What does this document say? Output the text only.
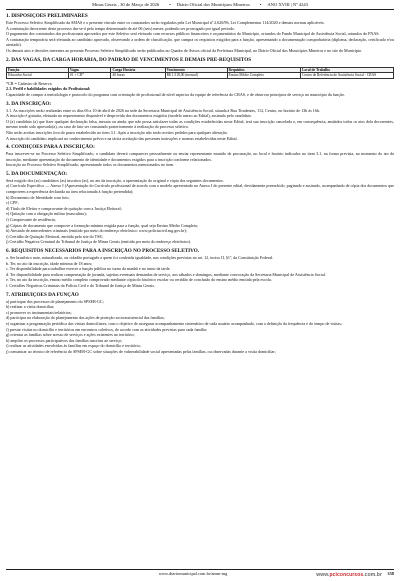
Minas Gerais , 30 de Março de 2026	• Diário Oficial dos Municípios Mineiros	• ANO XVIII | Nº 4243
1. DISPOSIÇÕES PRELIMINARES

Este Processo Seletivo Simplificado da SMAS e o presente vínculo entre os contratados serão regulados pela Lei Municipal nº 2.626/96, Lei Complementar 114/2020 e demais normas aplicáveis.

A contratação decorrente deste processo dar-se-á pelo tempo determinado de até 06 (seis) meses, podendo ser prorrogado por igual período.

O pagamento dos contratados dos profissionais aprovados por este Seletivo será efetuado com recursos públicos financeiros e orçamentários do Município, oriundos do Fundo Municipal de Assistência Social, oriundos do FNAS.

A contratação temporária será efetuada ao candidato aprovado, observando a ordem de classificação, que cumpra os requisitos exigidos para a função, apresentando a documentação comprobatória (diploma, declaração, certificado e/ou atestado).

Os demais atos e decisões inerentes ao presente Processo Seletivo Simplificado serão publicados no Quadro de Avisos oficial da Prefeitura Municipal, no Diário Oficial dos Municípios Mineiros e no site do Município.

2. DAS VAGAS, DA CARGA HORÁRIA, DO PADRÃO DE VENCIMENTOS E DEMAIS PRÉ-REQUISITOS
Função	Vagas	Carga Horária	Vencimento	Requisitos	Local de Trabalho
Educador Social	01 + CR*	40 horas	R$ 1.518,00 (mensal)	Ensino Médio Completo	Centro de Referência de Assistência Social - CRAS
*CR = Cadastro de Reserva
2.1. Perfil e habilidades exigidos do Profissional:

Capacidade de compor a metodologia e protocolo do programa com orientação de profissional de nível superior da equipe de referência do CRAS, e de observar princípios de serviço no município da função.

3. DA INSCRIÇÃO:

3.1. As inscrições serão realizadas entre os dias 06 a 10 de abril de 2026 na sede da Secretaria Municipal de Assistência Social, situada à Rua Tiradentes, 112, Centro, no horário de 13h às 16h.

A inscrição é gratuita, efetuada no requerimento disponível e desprovida dos documentos exigidos (modelo anexo ao Edital), assinado pelo candidato.

O (a) candidato (a) que fizer qualquer declaração falsa, inexata ou ainda, que não possa satisfazer todas as condições estabelecidas neste Edital, terá sua inscrição cancelada e, em consequência, anulados todos os atos dela decorrentes, mesmo tendo sido aprovado(a), ou caso de fato ser constatado posteriormente à realização do processo seletivo.

Não serão aceitas inscrições fora do prazo estabelecido no item 3.1. Após a inscrição não serão aceitos pedidos para qualquer alteração.

A inscrição do candidato implicará no conhecimento prévio e na tácita aceitação das presentes instruções e normas estabelecidas neste Edital.

4. CONDIÇÕES PARA A INSCRIÇÃO:

Para inscrever-se no Processo Seletivo Simplificado, o candidato deverá comparecer pessoalmente ou enviar representante munido de procuração, no local e horário indicados no item 3.1, na forma prevista, no momento do ato da inscrição, mediante apresentação do documento de identidade e documentos exigidos para a inscrição conforme relacionados.

Inscrição no Processo Seletivo Simplificado, apresentando todos os documentos mencionados no item.

5. DA DOCUMENTAÇÃO:

Será exigido dos (as) candidatos (as) inscritos (as), no ato da inscrição, a apresentação do original e cópia dos seguintes documentos:

a) Currículo Específico — Anexo I (Apresentação do Currículo profissional de acordo com o modelo apresentado no Anexo I do presente edital, devidamente preenchido, paginado e assinado, acompanhado de cópia dos documentos que comprovem a experiência declarada na área relacionada à função pretendida);

b) Documento de Identidade com foto;
c) CPF;
d) Título de Eleitor e comprovante de quitação com a Justiça Eleitoral;
e) Quitação com a obrigação militar (masculino);
f) Comprovante de residência;
g) Cópias de documento que comprove a formação mínima exigida para a função, qual seja Ensino Médio Completo;
h) Atestado de antecedentes criminais (emitido por meio do endereço eletrônico: www.policiacivil.mg.gov.br);
i) Certidão de Quitação Eleitoral, emitida pelo site do TSE;
j) Certidão Negativa Criminal do Tribunal de Justiça de Minas Gerais (emitida por meio do endereço eletrônico).
6. REQUISITOS NECESSÁRIOS PARA A INSCRIÇÃO NO PROCESSO SELETIVO.

a. Ser brasileiro nato, naturalizado, ou cidadão português a quem foi conferida igualdade, nas condições previstas no art. 12, inciso II, §1º, da Constituição Federal.

b. Ter, no ato da inscrição, idade mínima de 18 anos;
c. Ter disponibilidade para trabalhar exercer a função pública no turno da manhã e no turno da tarde.

d. Ter disponibilidade para realizar compensação de jornada, sujeitas eventuais demandas de serviço, aos sábados e domingos, mediante convocação da Secretaria Municipal de Assistência Social.

e. Ter, no ato da inscrição, ensino médio completo comprovado mediante cópia do histórico escolar ou certidão de conclusão do ensino médio emitida pela escola.

f. Certidões Negativas Criminais da Polícia Civil e do Tribunal de Justiça de Minas Gerais.
7. ATRIBUIÇÕES DA FUNÇÃO
a) participar dos processos de planejamento do SPSEB-GC;
b) realizar a visita domiciliar;
c) promover os instrumentais/relatórios;
d) participar na elaboração do planejamento das ações de proteção socioassistencial das famílias;

e) organizar a programação periódica das visitas domiciliares, com o objetivo de assegurar acompanhamento sistemático de cada usuário acompanhado, com a definição da frequência e do tempo de visitas;

f) prestar visitas no domicílio e territórios em encontros coletivos, de acordo com as atividades previstas para cada família;
g) orientar as famílias sobre acesso de serviços e ações existentes no território;
h) ampliar os processos participativos das famílias inscritas ao serviço;
i) realizar as atividades envolvidas às famílias em espaço do domicílio e território;

j) comunicar ao técnico de referência do SPSEB-GC sobre situações de vulnerabilidade social apresentadas pelas famílias, ou observadas durante a visita domiciliar;

www.diariomunicipal.com.br/amm-mg	358
www.pciconcursos.com.br
